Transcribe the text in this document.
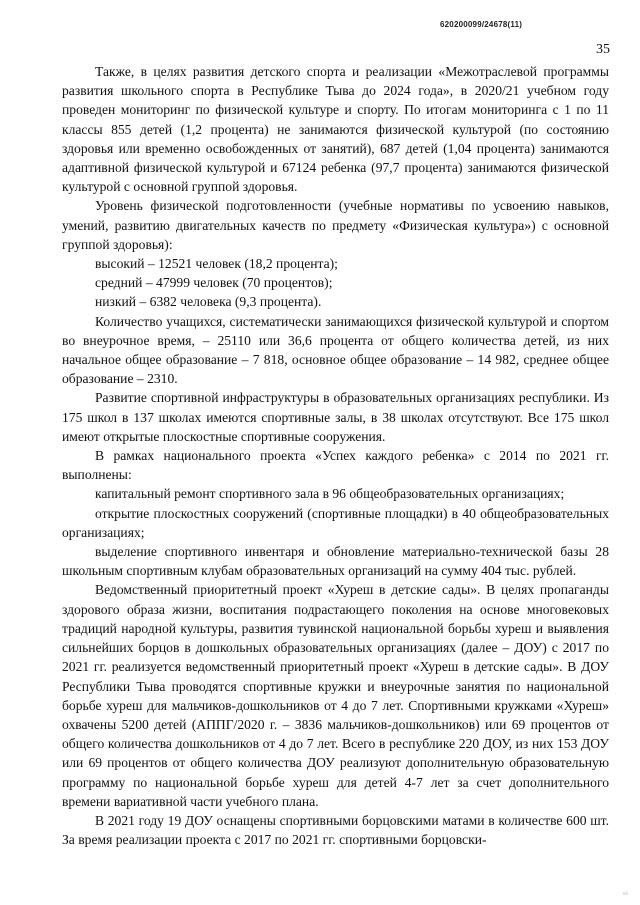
620200099/24678(11)
35

Также, в целях развития детского спорта и реализации «Межотраслевой программы развития школьного спорта в Республике Тыва до 2024 года», в 2020/21 учебном году проведен мониторинг по физической культуре и спорту. По итогам мониторинга с 1 по 11 классы 855 детей (1,2 процента) не занимаются физической культурой (по состоянию здоровья или временно освобожденных от занятий), 687 детей (1,04 процента) занимаются адаптивной физической культурой и 67124 ребенка (97,7 процента) занимаются физической культурой с основной группой здоровья.

Уровень физической подготовленности (учебные нормативы по усвоению навыков, умений, развитию двигательных качеств по предмету «Физическая культура») с основной группой здоровья):

высокий – 12521 человек (18,2 процента);

средний – 47999 человек (70 процентов);

низкий – 6382 человека (9,3 процента).

Количество учащихся, систематически занимающихся физической культурой и спортом во внеурочное время, – 25110 или 36,6 процента от общего количества детей, из них начальное общее образование – 7 818, основное общее образование – 14 982, среднее общее образование – 2310.

Развитие спортивной инфраструктуры в образовательных организациях республики. Из 175 школ в 137 школах имеются спортивные залы, в 38 школах отсутствуют. Все 175 школ имеют открытые плоскостные спортивные сооружения.

В рамках национального проекта «Успех каждого ребенка» с 2014 по 2021 гг. выполнены:

капитальный ремонт спортивного зала в 96 общеобразовательных организациях;

открытие плоскостных сооружений (спортивные площадки) в 40 общеобразовательных организациях;

выделение спортивного инвентаря и обновление материально-технической базы 28 школьным спортивным клубам образовательных организаций на сумму 404 тыс. рублей.

Ведомственный приоритетный проект «Хуреш в детские сады». В целях пропаганды здорового образа жизни, воспитания подрастающего поколения на основе многовековых традиций народной культуры, развития тувинской национальной борьбы хуреш и выявления сильнейших борцов в дошкольных образовательных организациях (далее – ДОУ) с 2017 по 2021 гг. реализуется ведомственный приоритетный проект «Хуреш в детские сады». В ДОУ Республики Тыва проводятся спортивные кружки и внеурочные занятия по национальной борьбе хуреш для мальчиков-дошкольников от 4 до 7 лет. Спортивными кружками «Хуреш» охвачены 5200 детей (АППГ/2020 г. – 3836 мальчиков-дошкольников) или 69 процентов от общего количества дошкольников от 4 до 7 лет. Всего в республике 220 ДОУ, из них 153 ДОУ или 69 процентов от общего количества ДОУ реализуют дополнительную образовательную программу по национальной борьбе хуреш для детей 4-7 лет за счет дополнительного времени вариативной части учебного плана.

В 2021 году 19 ДОУ оснащены спортивными борцовскими матами в количестве 600 шт. За время реализации проекта с 2017 по 2021 гг. спортивными борцовски-

ᵛ⁶
